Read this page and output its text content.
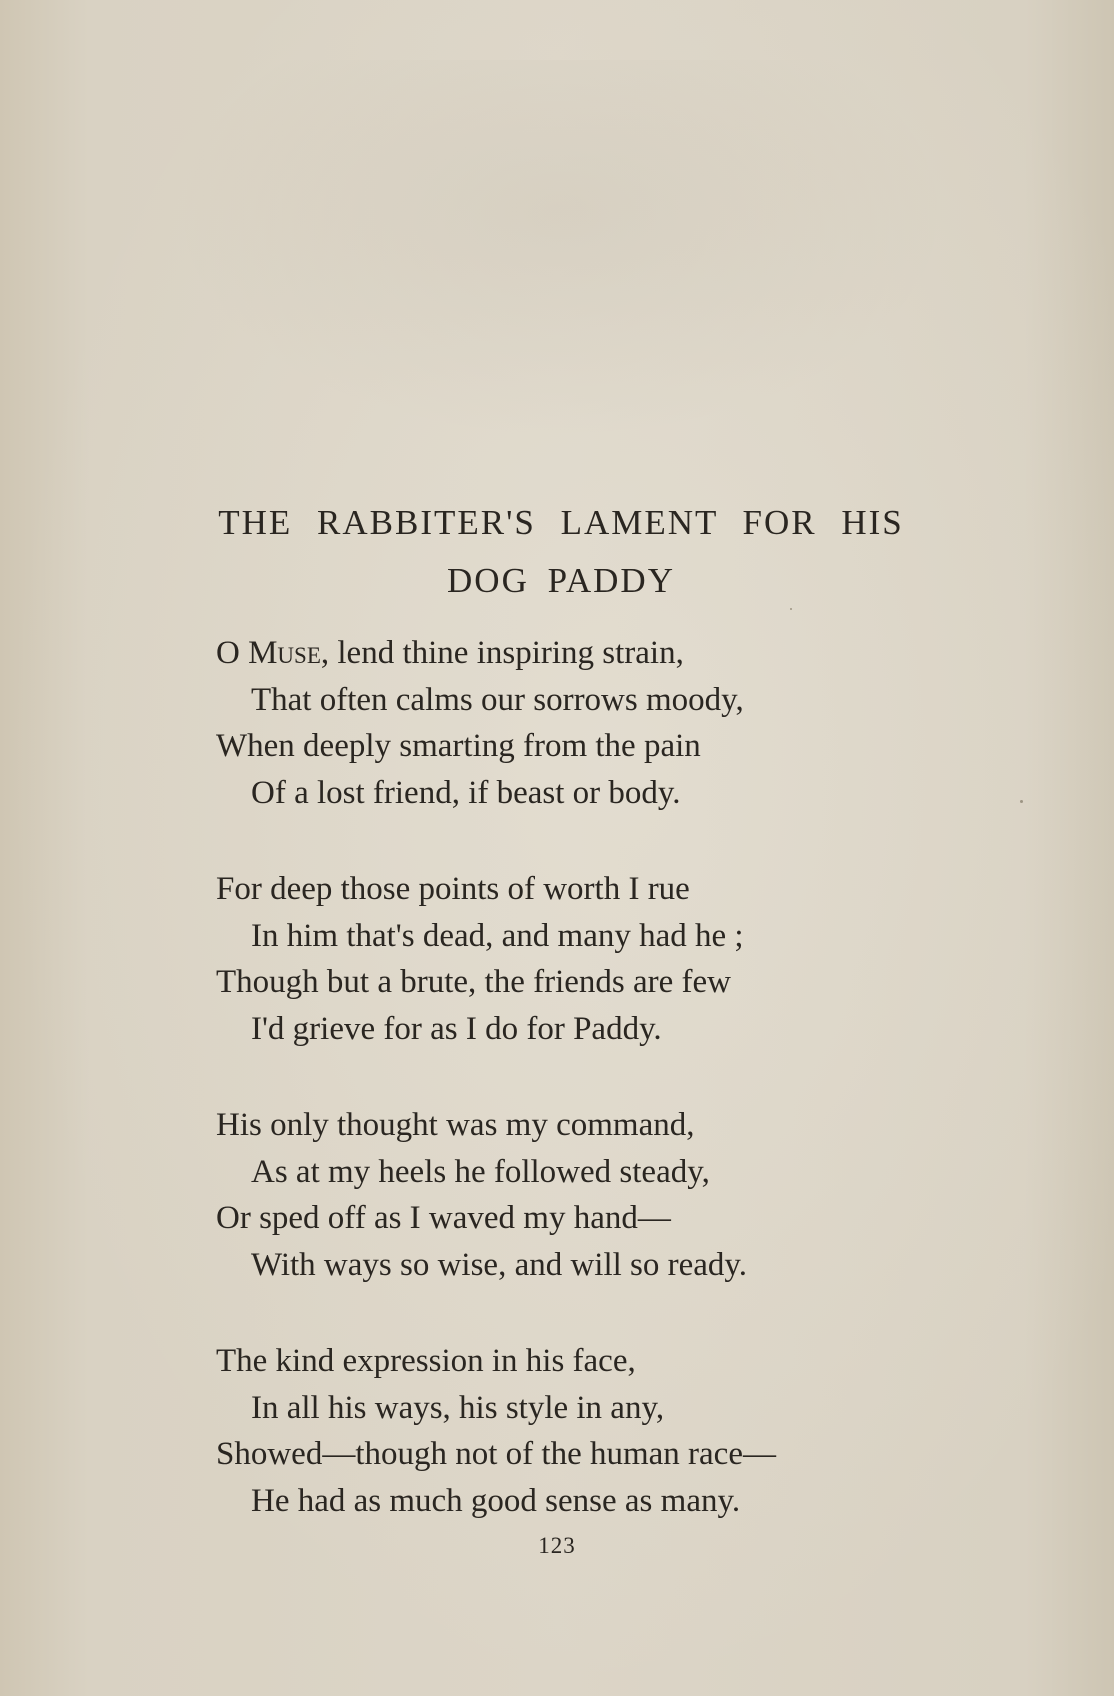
THE RABBITER'S LAMENT FOR HIS
DOG PADDY
O Muse, lend thine inspiring strain,
That often calms our sorrows moody,
When deeply smarting from the pain
Of a lost friend, if beast or body.
For deep those points of worth I rue
In him that's dead, and many had he ;
Though but a brute, the friends are few
I'd grieve for as I do for Paddy.
His only thought was my command,
As at my heels he followed steady,
Or sped off as I waved my hand—
With ways so wise, and will so ready.
The kind expression in his face,
In all his ways, his style in any,
Showed—though not of the human race—
He had as much good sense as many.
123
